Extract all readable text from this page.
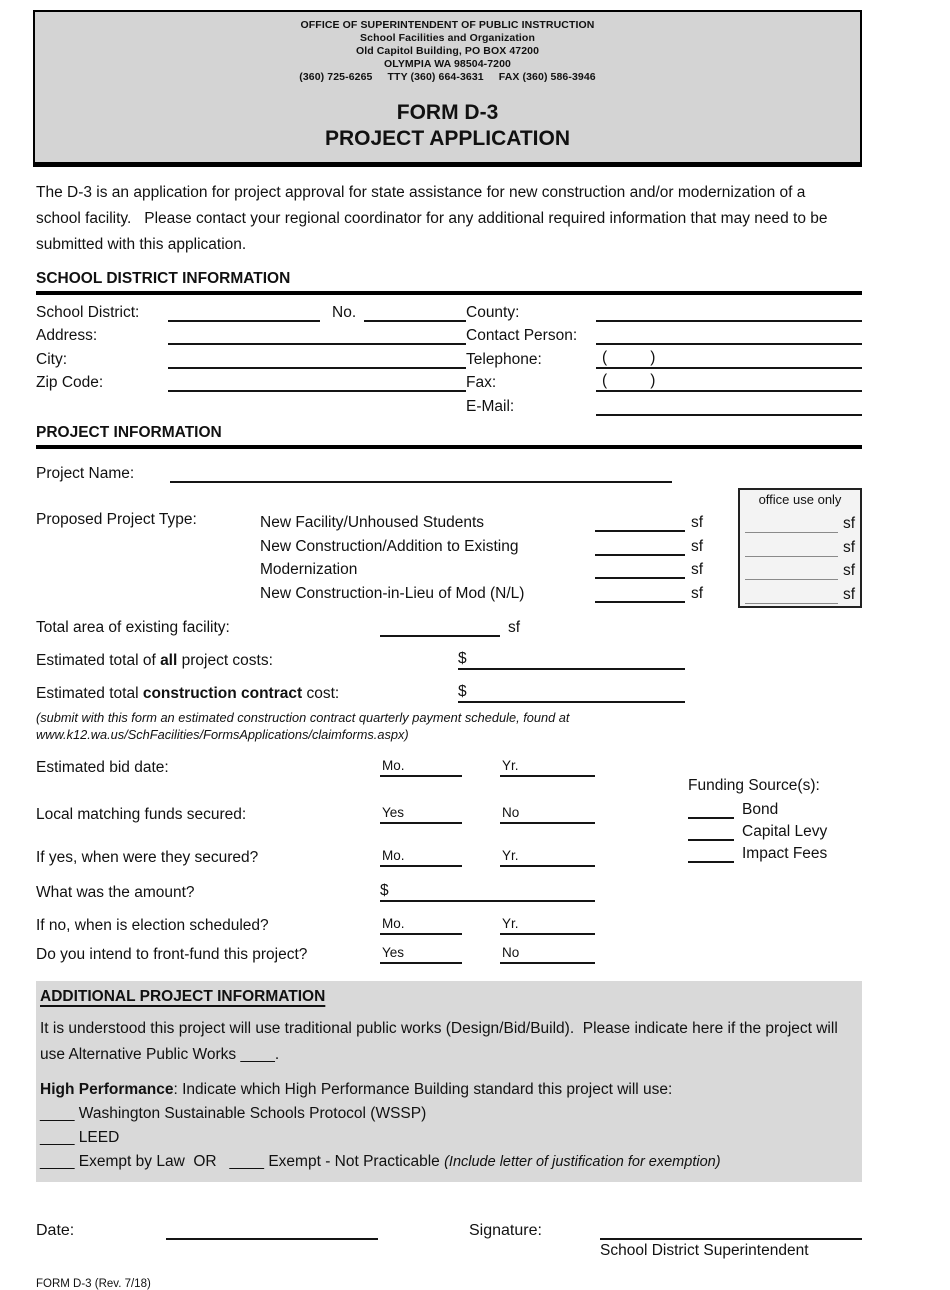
OFFICE OF SUPERINTENDENT OF PUBLIC INSTRUCTION
School Facilities and Organization
Old Capitol Building, PO BOX 47200
OLYMPIA WA 98504-7200
(360) 725-6265     TTY (360) 664-3631     FAX (360) 586-3946
FORM D-3
PROJECT APPLICATION
The D-3 is an application for project approval for state assistance for new construction and/or modernization of a school facility.   Please contact your regional coordinator for any additional required information that may need to be submitted with this application.
SCHOOL DISTRICT INFORMATION
School District:	No.	County:
Address:	Contact Person:
City:	Telephone:	(          )
Zip Code:	Fax:	(          )
E-Mail:
PROJECT INFORMATION
Project Name:
Proposed Project Type:	New Facility/Unhoused Students	sf
New Construction/Addition to Existing	sf
Modernization	sf
New Construction-in-Lieu of Mod (N/L)	sf
office use only
sf
sf
sf
sf
Total area of existing facility:	sf
Estimated total of all project costs:	$
Estimated total construction contract cost:	$
(submit with this form an estimated construction contract quarterly payment schedule, found at
www.k12.wa.us/SchFacilities/FormsApplications/claimforms.aspx)
Estimated bid date:	Mo.	Yr.
Local matching funds secured:	Yes	No
If yes, when were they secured?	Mo.	Yr.
What was the amount?	$
If no, when is election scheduled?	Mo.	Yr.
Do you intend to front-fund this project?	Yes	No
Funding Source(s):
Bond
Capital Levy
Impact Fees
ADDITIONAL PROJECT INFORMATION
It is understood this project will use traditional public works (Design/Bid/Build).  Please indicate here if the project will use Alternative Public Works ____.
High Performance: Indicate which High Performance Building standard this project will use:
____ Washington Sustainable Schools Protocol (WSSP)
____ LEED
____ Exempt by Law  OR ____ Exempt - Not Practicable (Include letter of justification for exemption)
Date:	Signature:
School District Superintendent
FORM D-3 (Rev. 7/18)
